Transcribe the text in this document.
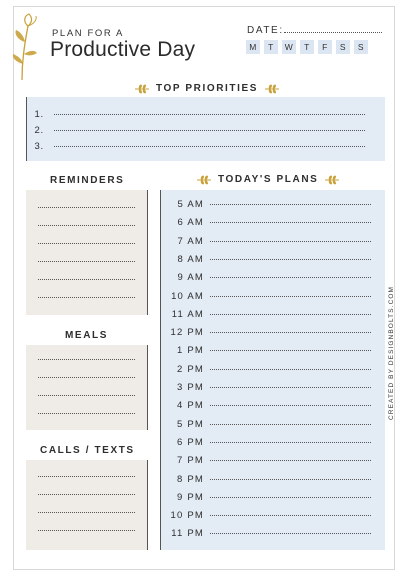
PLAN FOR A
Productive Day
DATE:
M	T	W	T	F	S	S
TOP PRIORITIES
1.
2.
3.
REMINDERS
MEALS
CALLS / TEXTS
TODAY'S PLANS
5 AM
6 AM
7 AM
8 AM
9 AM
10 AM
11 AM
12 PM
1 PM
2 PM
3 PM
4 PM
5 PM
6 PM
7 PM
8 PM
9 PM
10 PM
11 PM
CREATED BY DESIGNBOLTS.COM
